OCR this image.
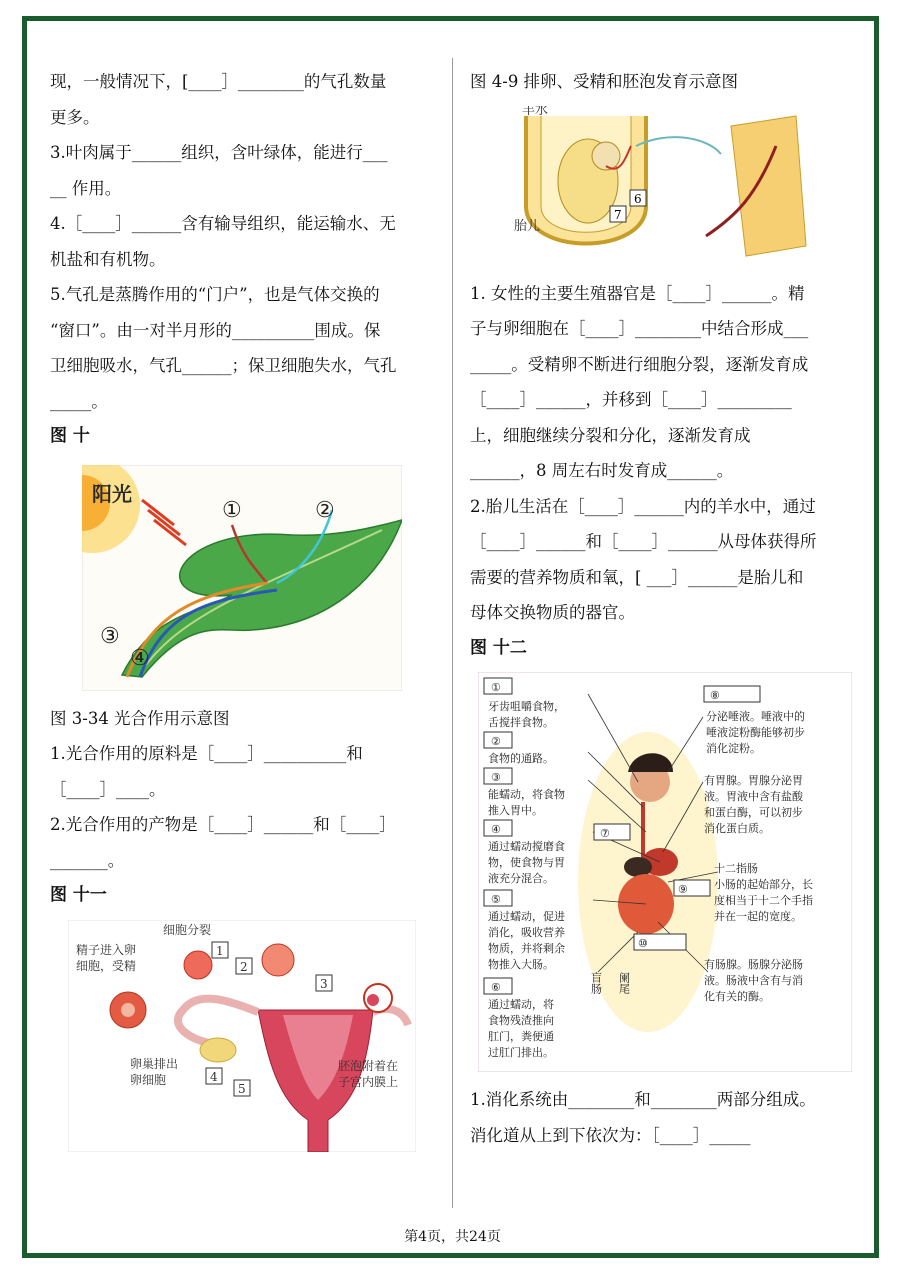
现，一般情况下，[____］________的气孔数量

更多。

3.叶肉属于______组织，含叶绿体，能进行___

__ 作用。

4.［____］______含有输导组织，能运输水、无

机盐和有机物。

5.气孔是蒸腾作用的“门户”，也是气体交换的

“窗口”。由一对半月形的__________围成。保

卫细胞吸水，气孔______；保卫细胞失水，气孔

_____。

图 十

阳光
①	②
③
④

图 3-34 光合作用示意图

1.光合作用的原料是［____］__________和

［____］____。

2.光合作用的产物是［____］______和［____］

_______。

图 十一

细胞分裂
精子进入卵
细胞，受精
卵巢排出
卵细胞
胚泡附着在
子宫内膜上
1
2
3
4
5

图 4-9 排卵、受精和胚泡发育示意图

羊水
胎儿
6
7

1. 女性的主要生殖器官是［____］______。精

子与卵细胞在［____］________中结合形成___

_____。受精卵不断进行细胞分裂，逐渐发育成

［____］______，并移到［____］_________

上，细胞继续分裂和分化，逐渐发育成

______，8 周左右时发育成______。

2.胎儿生活在［____］______内的羊水中，通过

［____］______和［____］______从母体获得所

需要的营养物质和氧，[ ___］______是胎儿和

母体交换物质的器官。

图 十二

①
牙齿咀嚼食物，
舌搅拌食物。
②
食物的通路。
③
能蠕动，将食物
推入胃中。
④
通过蠕动搅磨食
物，使食物与胃
液充分混合。
⑤
通过蠕动，促进
消化，吸收营养
物质，并将剩余
物推入大肠。
⑥
通过蠕动，将
食物残渣推向
肛门，粪便通
过肛门排出。
⑧
分泌唾液。唾液中的
唾液淀粉酶能够初步
消化淀粉。
有胃腺。胃腺分泌胃
液。胃液中含有盐酸
和蛋白酶，可以初步
消化蛋白质。
十二指肠
小肠的起始部分，长
度相当于十二个手指
并在一起的宽度。
有肠腺。肠腺分泌肠
液。肠液中含有与消
化有关的酶。
⑦
⑨
⑩
盲肠 阑尾

1.消化系统由________和________两部分组成。

消化道从上到下依次为：［____］_____

第4页，共24页
